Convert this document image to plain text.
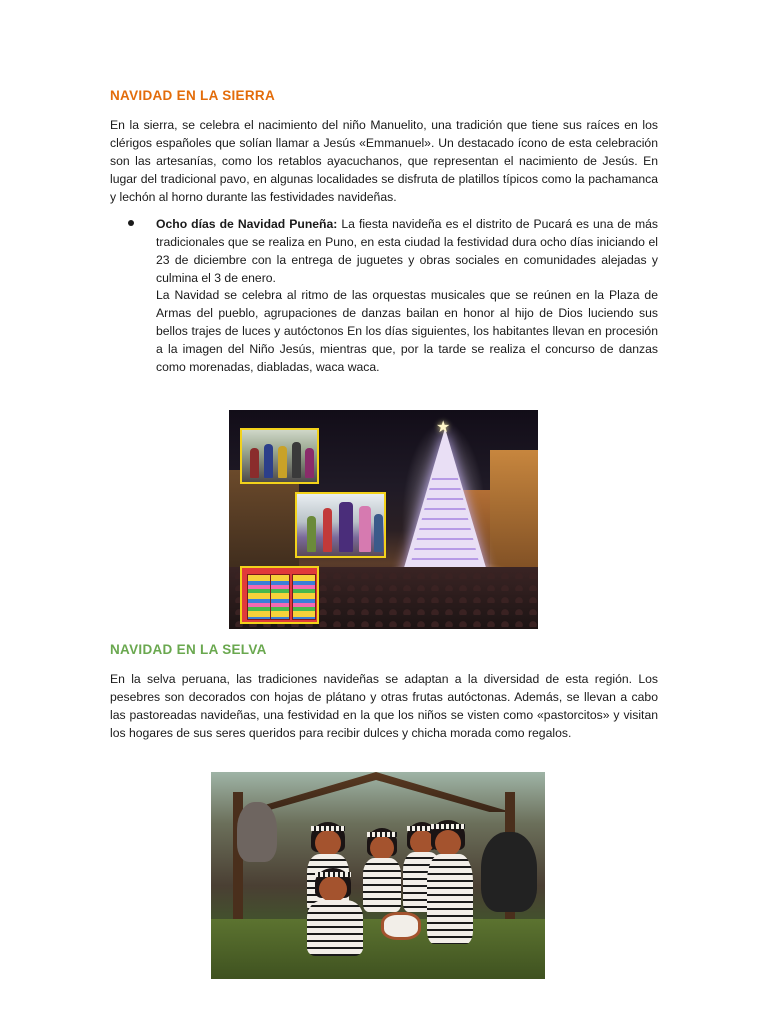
NAVIDAD EN LA SIERRA

En la sierra, se celebra el nacimiento del niño Manuelito, una tradición que tiene sus raíces en los clérigos españoles que solían llamar a Jesús «Emmanuel». Un destacado ícono de esta celebración son las artesanías, como los retablos ayacuchanos, que representan el nacimiento de Jesús. En lugar del tradicional pavo, en algunas localidades se disfruta de platillos típicos como la pachamanca y lechón al horno durante las festividades navideñas.

Ocho días de Navidad Puneña: La fiesta navideña es el distrito de Pucará es una de más tradicionales que se realiza en Puno, en esta ciudad la festividad dura ocho días iniciando el 23 de diciembre con la entrega de juguetes y obras sociales en comunidades alejadas y culmina el 3 de enero.

La Navidad se celebra al ritmo de las orquestas musicales que se reúnen en la Plaza de Armas del pueblo, agrupaciones de danzas bailan en honor al hijo de Dios luciendo sus bellos trajes de luces y autóctonos En los días siguientes, los habitantes llevan en procesión a la imagen del Niño Jesús, mientras que, por la tarde se realiza el concurso de danzas como morenadas, diabladas, waca waca.

★
NAVIDAD EN LA SELVA

En la selva peruana, las tradiciones navideñas se adaptan a la diversidad de esta región. Los pesebres son decorados con hojas de plátano y otras frutas autóctonas. Además, se llevan a cabo las pastoreadas navideñas, una festividad en la que los niños se visten como «pastorcitos» y visitan los hogares de sus seres queridos para recibir dulces y chicha morada como regalos.
